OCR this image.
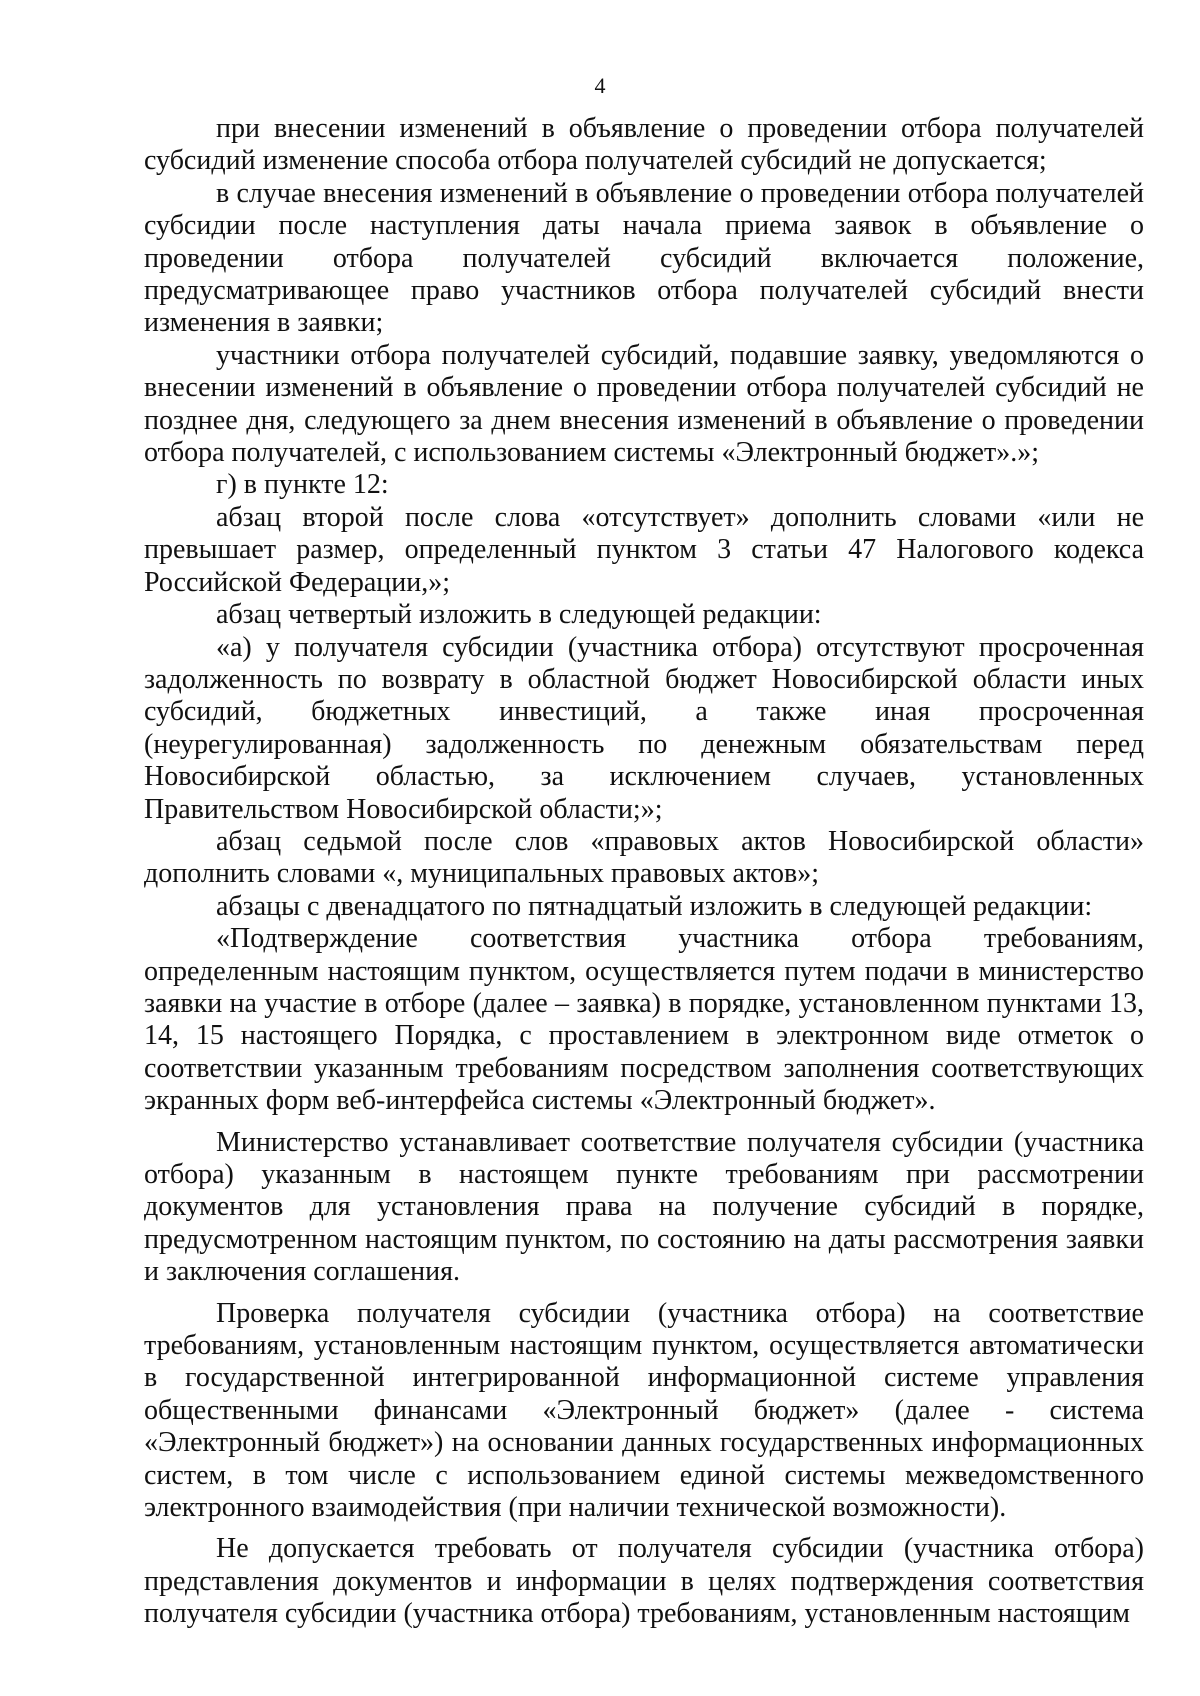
4

при внесении изменений в объявление о проведении отбора получателей субсидий изменение способа отбора получателей субсидий не допускается;

в случае внесения изменений в объявление о проведении отбора получателей субсидии после наступления даты начала приема заявок в объявление о проведении отбора получателей субсидий включается положение, предусматривающее право участников отбора получателей субсидий внести изменения в заявки;

участники отбора получателей субсидий, подавшие заявку, уведомляются о внесении изменений в объявление о проведении отбора получателей субсидий не позднее дня, следующего за днем внесения изменений в объявление о проведении отбора получателей, с использованием системы «Электронный бюджет».»;

г) в пункте 12:

абзац второй после слова «отсутствует» дополнить словами «или не превышает размер, определенный пунктом 3 статьи 47 Налогового кодекса Российской Федерации,»;

абзац четвертый изложить в следующей редакции:

«а) у получателя субсидии (участника отбора) отсутствуют просроченная задолженность по возврату в областной бюджет Новосибирской области иных субсидий, бюджетных инвестиций, а также иная просроченная (неурегулированная) задолженность по денежным обязательствам перед Новосибирской областью, за исключением случаев, установленных Правительством Новосибирской области;»;

абзац седьмой после слов «правовых актов Новосибирской области» дополнить словами «, муниципальных правовых актов»;

абзацы с двенадцатого по пятнадцатый изложить в следующей редакции:

«Подтверждение соответствия участника отбора требованиям, определенным настоящим пунктом, осуществляется путем подачи в министерство заявки на участие в отборе (далее – заявка) в порядке, установленном пунктами 13, 14, 15 настоящего Порядка, с проставлением в электронном виде отметок о соответствии указанным требованиям посредством заполнения соответствующих экранных форм веб-интерфейса системы «Электронный бюджет».

Министерство устанавливает соответствие получателя субсидии (участника отбора) указанным в настоящем пункте требованиям при рассмотрении документов для установления права на получение субсидий в порядке, предусмотренном настоящим пунктом, по состоянию на даты рассмотрения заявки и заключения соглашения.

Проверка получателя субсидии (участника отбора) на соответствие требованиям, установленным настоящим пунктом, осуществляется автоматически в государственной интегрированной информационной системе управления общественными финансами «Электронный бюджет» (далее - система «Электронный бюджет») на основании данных государственных информационных систем, в том числе с использованием единой системы межведомственного электронного взаимодействия (при наличии технической возможности).

Не допускается требовать от получателя субсидии (участника отбора) представления документов и информации в целях подтверждения соответствия получателя субсидии (участника отбора) требованиям, установленным настоящим
